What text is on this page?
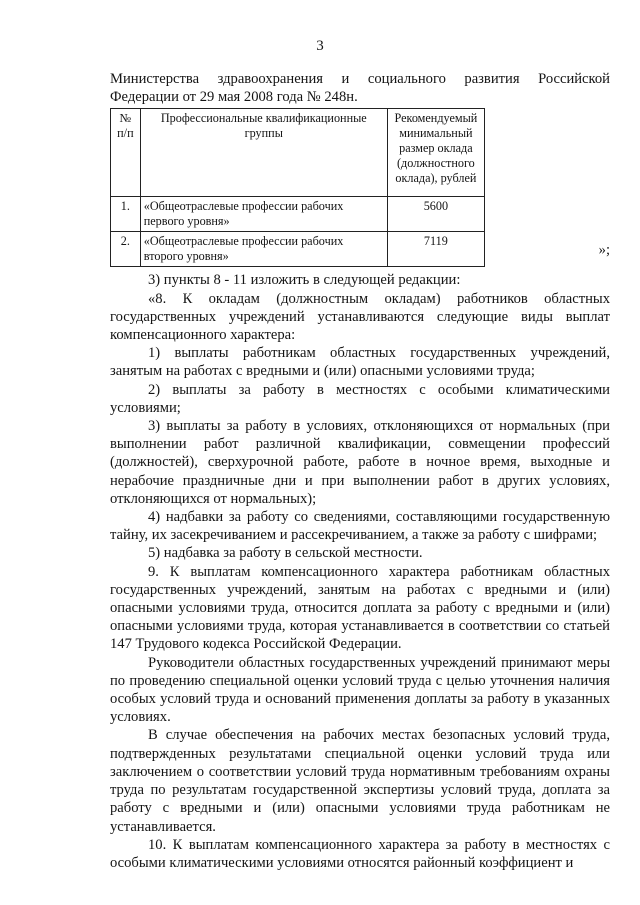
3

Министерства здравоохранения и социального развития Российской

Федерации от 29 мая 2008 года № 248н.

№ п/п	Профессиональные квалификационные группы	Рекомендуемый минимальный размер оклада (должностного оклада), рублей
1.	«Общеотраслевые профессии рабочих первого уровня»	5600
2.	«Общеотраслевые профессии рабочих второго уровня»	7119
»;

3) пункты 8 - 11 изложить в следующей редакции:

«8. К окладам (должностным окладам) работников областных государственных учреждений устанавливаются следующие виды выплат компенсационного характера:

1) выплаты работникам областных государственных учреждений, занятым на работах с вредными и (или) опасными условиями труда;

2) выплаты за работу в местностях с особыми климатическими условиями;

3) выплаты за работу в условиях, отклоняющихся от нормальных (при выполнении работ различной квалификации, совмещении профессий (должностей), сверхурочной работе, работе в ночное время, выходные и нерабочие праздничные дни и при выполнении работ в других условиях, отклоняющихся от нормальных);

4) надбавки за работу со сведениями, составляющими государственную тайну, их засекречиванием и рассекречиванием, а также за работу с шифрами;

5) надбавка за работу в сельской местности.

9. К выплатам компенсационного характера работникам областных государственных учреждений, занятым на работах с вредными и (или) опасными условиями труда, относится доплата за работу с вредными и (или) опасными условиями труда, которая устанавливается в соответствии со статьей 147 Трудового кодекса Российской Федерации.

Руководители областных государственных учреждений принимают меры по проведению специальной оценки условий труда с целью уточнения наличия особых условий труда и оснований применения доплаты за работу в указанных условиях.

В случае обеспечения на рабочих местах безопасных условий труда, подтвержденных результатами специальной оценки условий труда или заключением о соответствии условий труда нормативным требованиям охраны труда по результатам государственной экспертизы условий труда, доплата за работу с вредными и (или) опасными условиями труда работникам не устанавливается.

10. К выплатам компенсационного характера за работу в местностях с особыми климатическими условиями относятся районный коэффициент и
